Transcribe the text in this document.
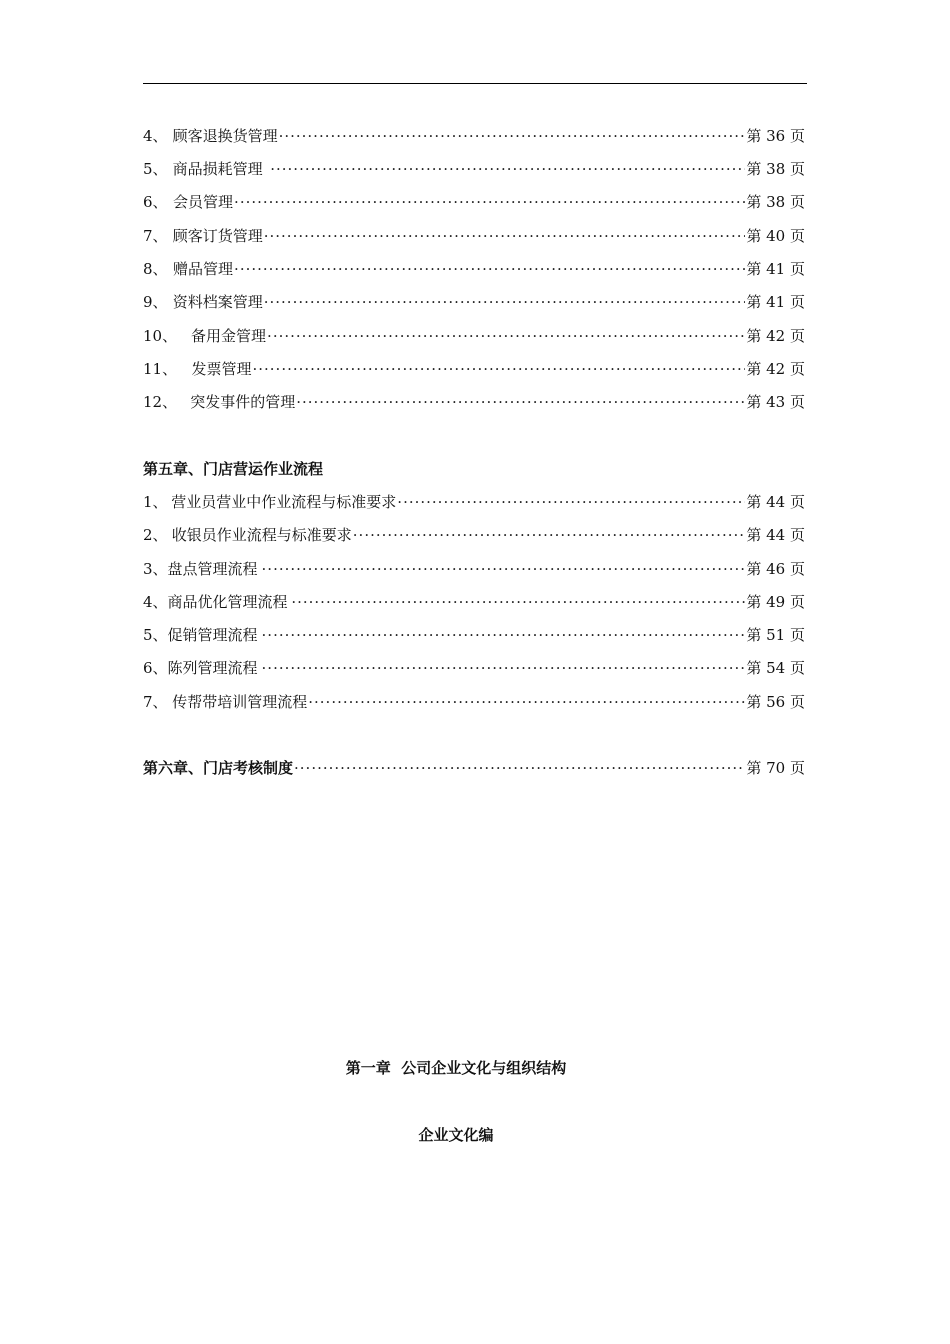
4、 顾客退换货管理 ·····	第 36 页
5、 商品损耗管理 ·····	第 38 页
6、 会员管理 ·····	第 38 页
7、 顾客订货管理 ·····	第 40 页
8、 赠品管理 ·····	第 41 页
9、 资料档案管理 ·····	第 41 页
10、 备用金管理 ·····	第 42 页
11、 发票管理 ·····	第 42 页
12、 突发事件的管理 ·····	第 43 页
第五章、门店营运作业流程
1、 营业员营业中作业流程与标准要求 ·····	第 44 页
2、 收银员作业流程与标准要求 ·····	第 44 页
3、 盘点管理流程 ·····	第 46 页
4、 商品优化管理流程 ·····	第 49 页
5、 促销管理流程 ·····	第 51 页
6、 陈列管理流程 ·····	第 54 页
7、 传帮带培训管理流程 ·····	第 56 页
第六章、门店考核制度 ·····	第 70 页
第一章  公司企业文化与组织结构
企业文化编
